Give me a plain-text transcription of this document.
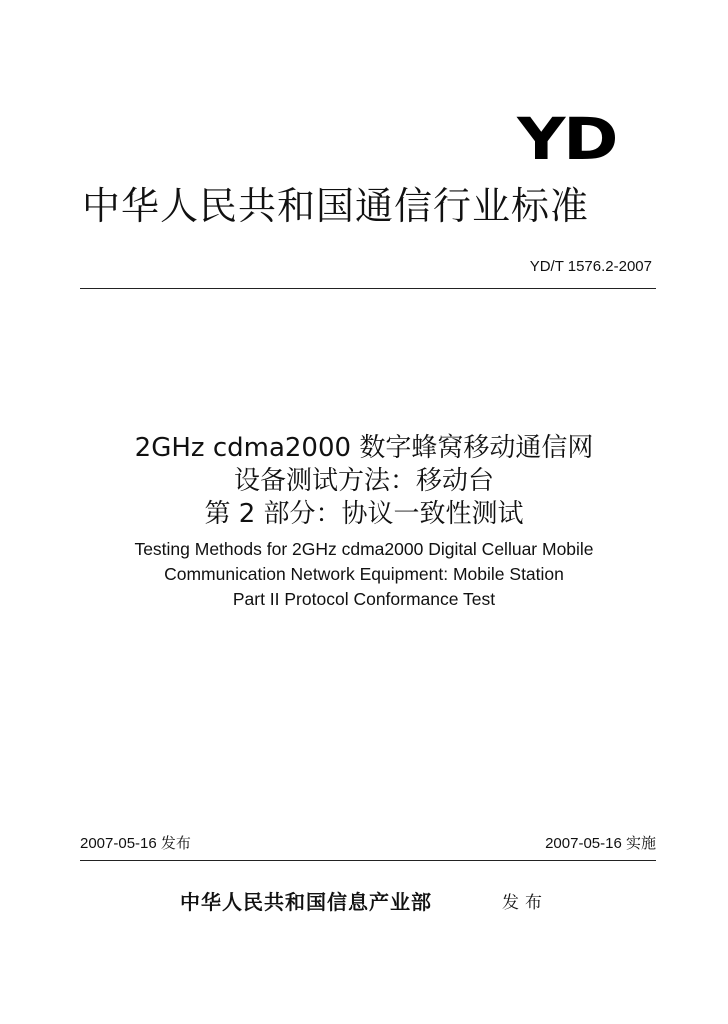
YD
中华人民共和国通信行业标准
YD/T 1576.2-2007
2GHz cdma2000 数字蜂窝移动通信网
设备测试方法：移动台
第 2 部分：协议一致性测试
Testing Methods for 2GHz cdma2000 Digital Celluar Mobile
Communication Network Equipment: Mobile Station
Part II Protocol Conformance Test
2007-05-16 发布	2007-05-16 实施
中华人民共和国信息产业部	发布
